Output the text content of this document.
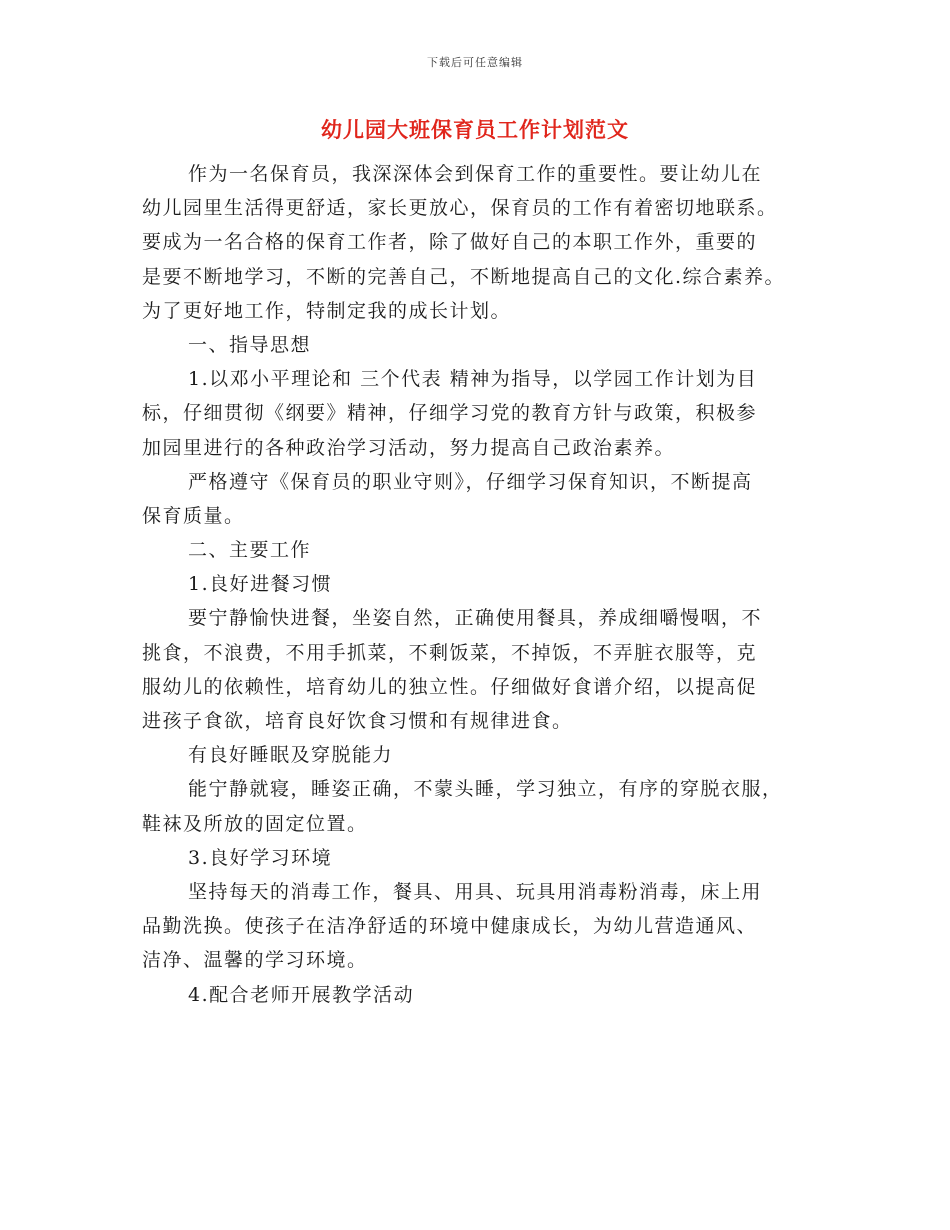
下载后可任意编辑
幼儿园大班保育员工作计划范文
作为一名保育员，我深深体会到保育工作的重要性。要让幼儿在
幼儿园里生活得更舒适，家长更放心，保育员的工作有着密切地联系。
要成为一名合格的保育工作者，除了做好自己的本职工作外，重要的
是要不断地学习，不断的完善自己，不断地提高自己的文化.综合素养。
为了更好地工作，特制定我的成长计划。
一、指导思想
1.以邓小平理论和 三个代表 精神为指导，以学园工作计划为目
标，仔细贯彻《纲要》精神，仔细学习党的教育方针与政策，积极参
加园里进行的各种政治学习活动，努力提高自己政治素养。
严格遵守《保育员的职业守则》，仔细学习保育知识，不断提高
保育质量。
二、主要工作
1.良好进餐习惯
要宁静愉快进餐，坐姿自然，正确使用餐具，养成细嚼慢咽，不
挑食，不浪费，不用手抓菜，不剩饭菜，不掉饭，不弄脏衣服等，克
服幼儿的依赖性，培育幼儿的独立性。仔细做好食谱介绍，以提高促
进孩子食欲，培育良好饮食习惯和有规律进食。
有良好睡眠及穿脱能力
能宁静就寝，睡姿正确，不蒙头睡，学习独立，有序的穿脱衣服，
鞋袜及所放的固定位置。
3.良好学习环境
坚持每天的消毒工作，餐具、用具、玩具用消毒粉消毒，床上用
品勤洗换。使孩子在洁净舒适的环境中健康成长，为幼儿营造通风、
洁净、温馨的学习环境。
4.配合老师开展教学活动
